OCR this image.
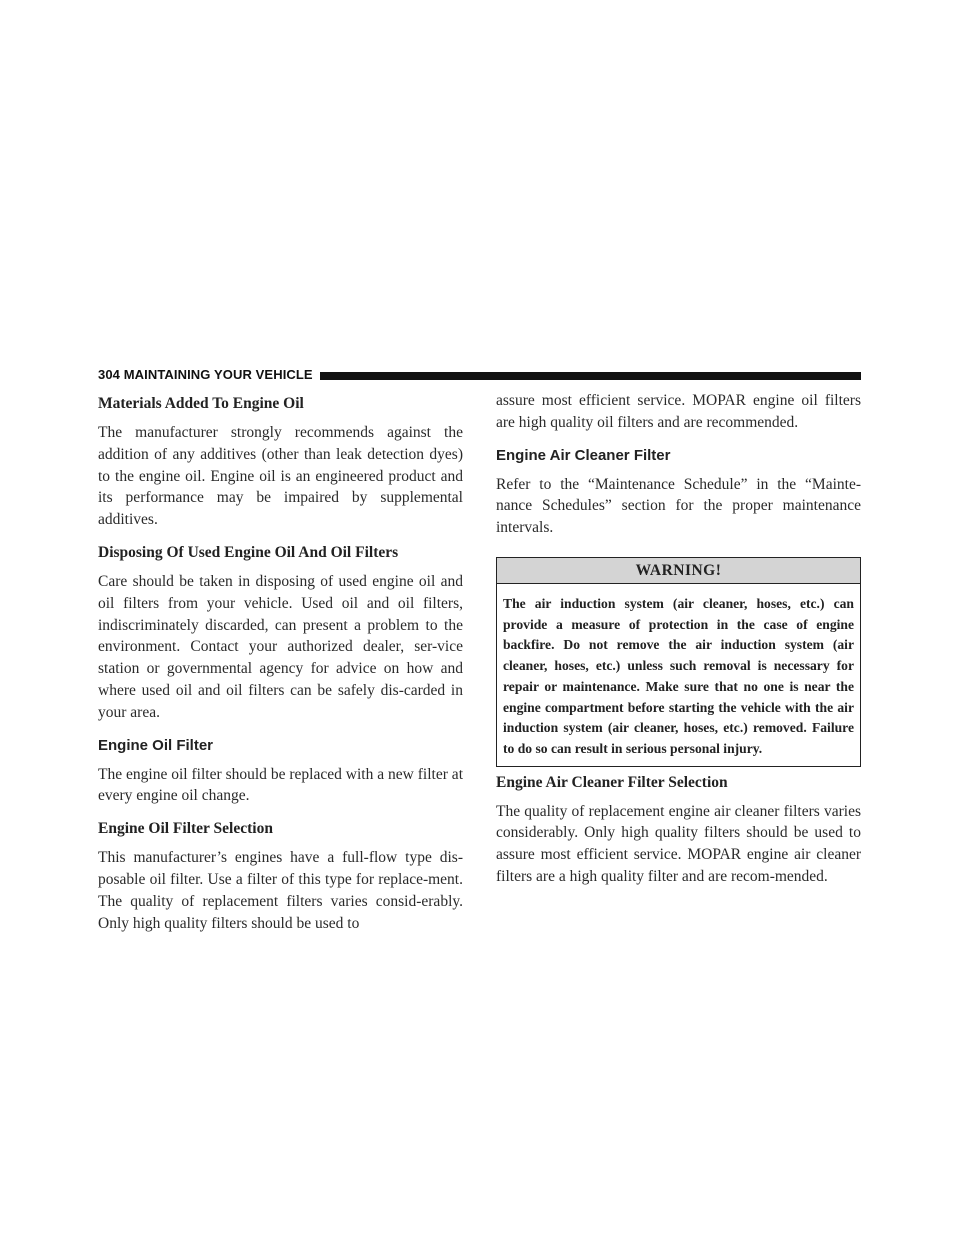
304 MAINTAINING YOUR VEHICLE
Materials Added To Engine Oil

The manufacturer strongly recommends against the addition of any additives (other than leak detection dyes) to the engine oil. Engine oil is an engineered product and its performance may be impaired by supplemental additives.

Disposing Of Used Engine Oil And Oil Filters

Care should be taken in disposing of used engine oil and oil filters from your vehicle. Used oil and oil filters, indiscriminately discarded, can present a problem to the environment. Contact your authorized dealer, ser-vice station or governmental agency for advice on how and where used oil and oil filters can be safely dis-carded in your area.

Engine Oil Filter

The engine oil filter should be replaced with a new filter at every engine oil change.

Engine Oil Filter Selection

This manufacturer’s engines have a full-flow type dis-posable oil filter. Use a filter of this type for replace-ment. The quality of replacement filters varies consid-erably. Only high quality filters should be used to

assure most efficient service. MOPAR engine oil filters are high quality oil filters and are recommended.

Engine Air Cleaner Filter

Refer to the “Maintenance Schedule” in the “Mainte-nance Schedules” section for the proper maintenance intervals.

WARNING!
The air induction system (air cleaner, hoses, etc.) can provide a measure of protection in the case of engine backfire. Do not remove the air induction system (air cleaner, hoses, etc.) unless such removal is necessary for repair or maintenance. Make sure that no one is near the engine compartment before starting the vehicle with the air induction system (air cleaner, hoses, etc.) removed. Failure to do so can result in serious personal injury.
Engine Air Cleaner Filter Selection

The quality of replacement engine air cleaner filters varies considerably. Only high quality filters should be used to assure most efficient service. MOPAR engine air cleaner filters are a high quality filter and are recom-mended.
